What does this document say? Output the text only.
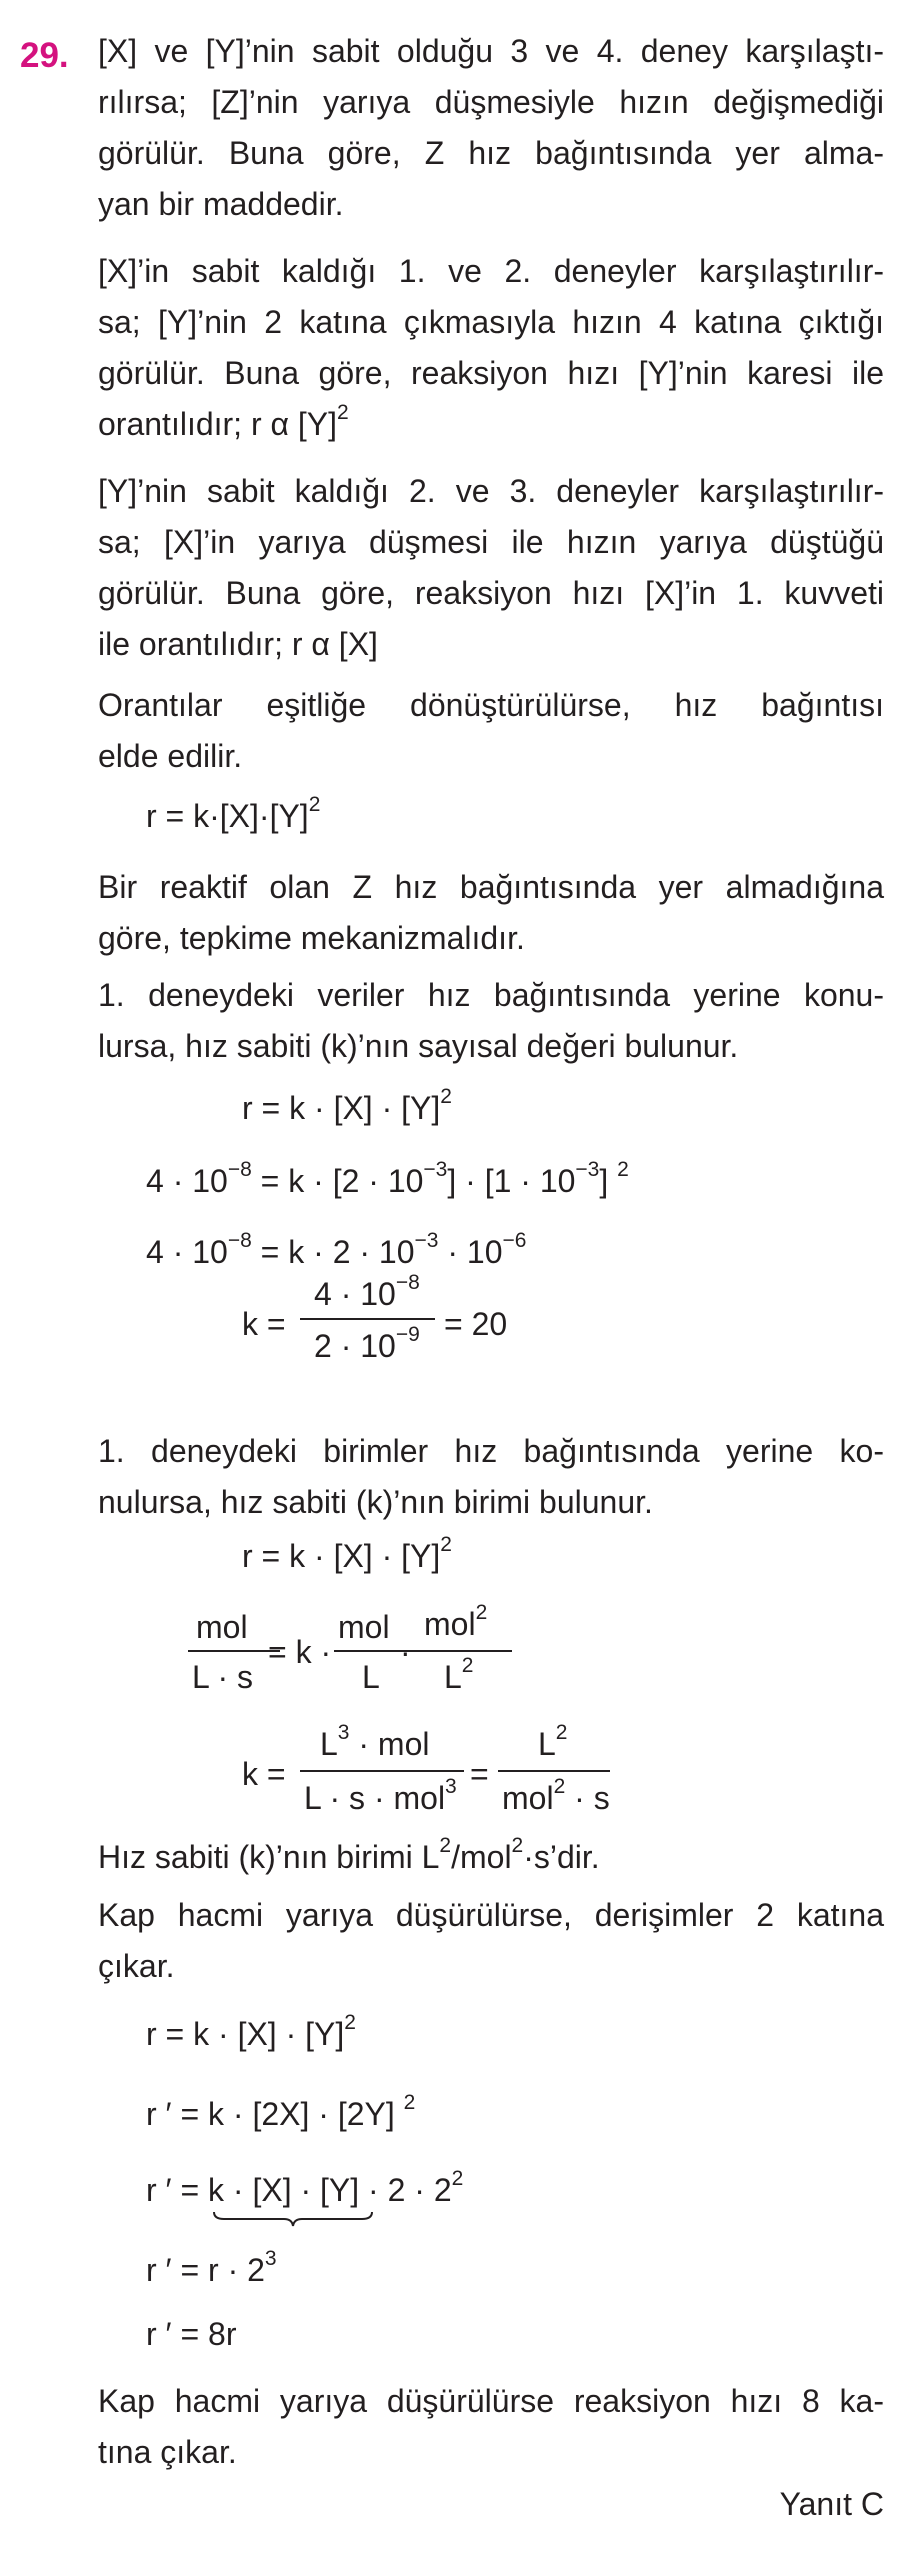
29. [X] ve [Y]’nin sabit olduğu 3 ve 4. deney karşılaştı-
rılırsa; [Z]’nin yarıya düşmesiyle hızın değişmediği
görülür. Buna göre, Z hız bağıntısında yer alma-
yan bir maddedir.
[X]’in sabit kaldığı 1. ve 2. deneyler karşılaştırılır-
sa; [Y]’nin 2 katına çıkmasıyla hızın 4 katına çıktığı
görülür. Buna göre, reaksiyon hızı [Y]’nin karesi ile
orantılıdır; r α $[Y]^2$
[Y]’nin sabit kaldığı 2. ve 3. deneyler karşılaştırılır-
sa; [X]’in yarıya düşmesi ile hızın yarıya düştüğü
görülür. Buna göre, reaksiyon hızı [X]’in 1. kuvveti
ile orantılıdır; r α [X]
Orantılar eşitliğe dönüştürülürse, hız bağıntısı
elde edilir.
$r = k\cdot[X]\cdot[Y]^2$
Bir reaktif olan Z hız bağıntısında yer almadığına
göre, tepkime mekanizmalıdır.
1. deneydeki veriler hız bağıntısında yerine konu-
lursa, hız sabiti (k)’nın sayısal değeri bulunur.
$r = k \cdot [X] \cdot [Y]^2$
$4 \cdot 10^{-8} = k \cdot [2 \cdot 10^{-3}] \cdot [1 \cdot 10^{-3}]$ $^2$
$4 \cdot 10^{-8} = k \cdot 2 \cdot 10^{-3} \cdot 10^{-6}$
k =
$4 \cdot 10^{-8}$
$2 \cdot 10^{-9} = 20$
1. deneydeki birimler hız bağıntısında yerine ko-
nulursa, hız sabiti (k)’nın birimi bulunur.
$r = k \cdot [X] \cdot [Y]^2$
mol
L · s
= k ·
mol
L
·
mol$^2$
$L^2$
k =
$L^3$ · mol
L · s · mol$^3$ =
$L^2$
mol$^2$ · s
Hız sabiti (k)’nın birimi $L^2/mol^2\cdot s’dir$.
Kap hacmi yarıya düşürülürse, derişimler 2 katına
çıkar.
$r = k \cdot [X] \cdot [Y]^2$
r ′ = k · [2X] · [2Y] $^2$
r ′ = $k \cdot [X] \cdot [Y] \cdot 2 \cdot 2^2$
r ′ = $r \cdot 2^3$
r ′ = 8r
Kap hacmi yarıya düşürülürse reaksiyon hızı 8 ka-
tına çıkar.
Yanıt C
